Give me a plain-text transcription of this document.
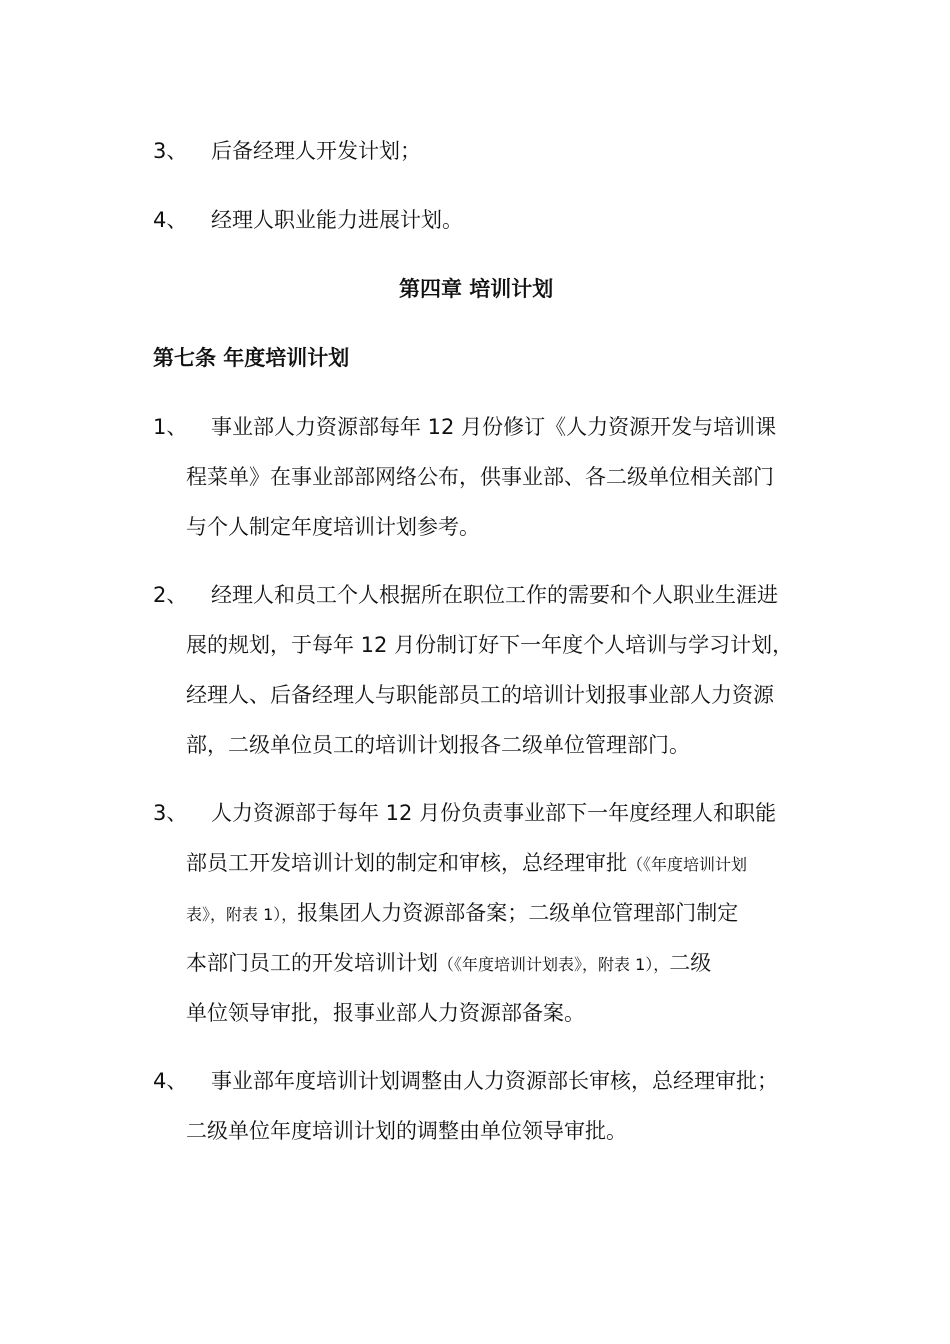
3、 后备经理人开发计划；
4、 经理人职业能力进展计划。
第四章 培训计划
第七条 年度培训计划
1、 事业部人力资源部每年 12 月份修订《人力资源开发与培训课
程菜单》在事业部部网络公布，供事业部、各二级单位相关部门
与个人制定年度培训计划参考。
2、 经理人和员工个人根据所在职位工作的需要和个人职业生涯进
展的规划，于每年 12 月份制订好下一年度个人培训与学习计划，
经理人、后备经理人与职能部员工的培训计划报事业部人力资源
部，二级单位员工的培训计划报各二级单位管理部门。
3、 人力资源部于每年 12 月份负责事业部下一年度经理人和职能
部员工开发培训计划的制定和审核，总经理审批（《年度培训计划
表》，附表 1），报集团人力资源部备案；二级单位管理部门制定
本部门员工的开发培训计划（《年度培训计划表》，附表 1），二级
单位领导审批，报事业部人力资源部备案。
4、 事业部年度培训计划调整由人力资源部长审核，总经理审批；
二级单位年度培训计划的调整由单位领导审批。
